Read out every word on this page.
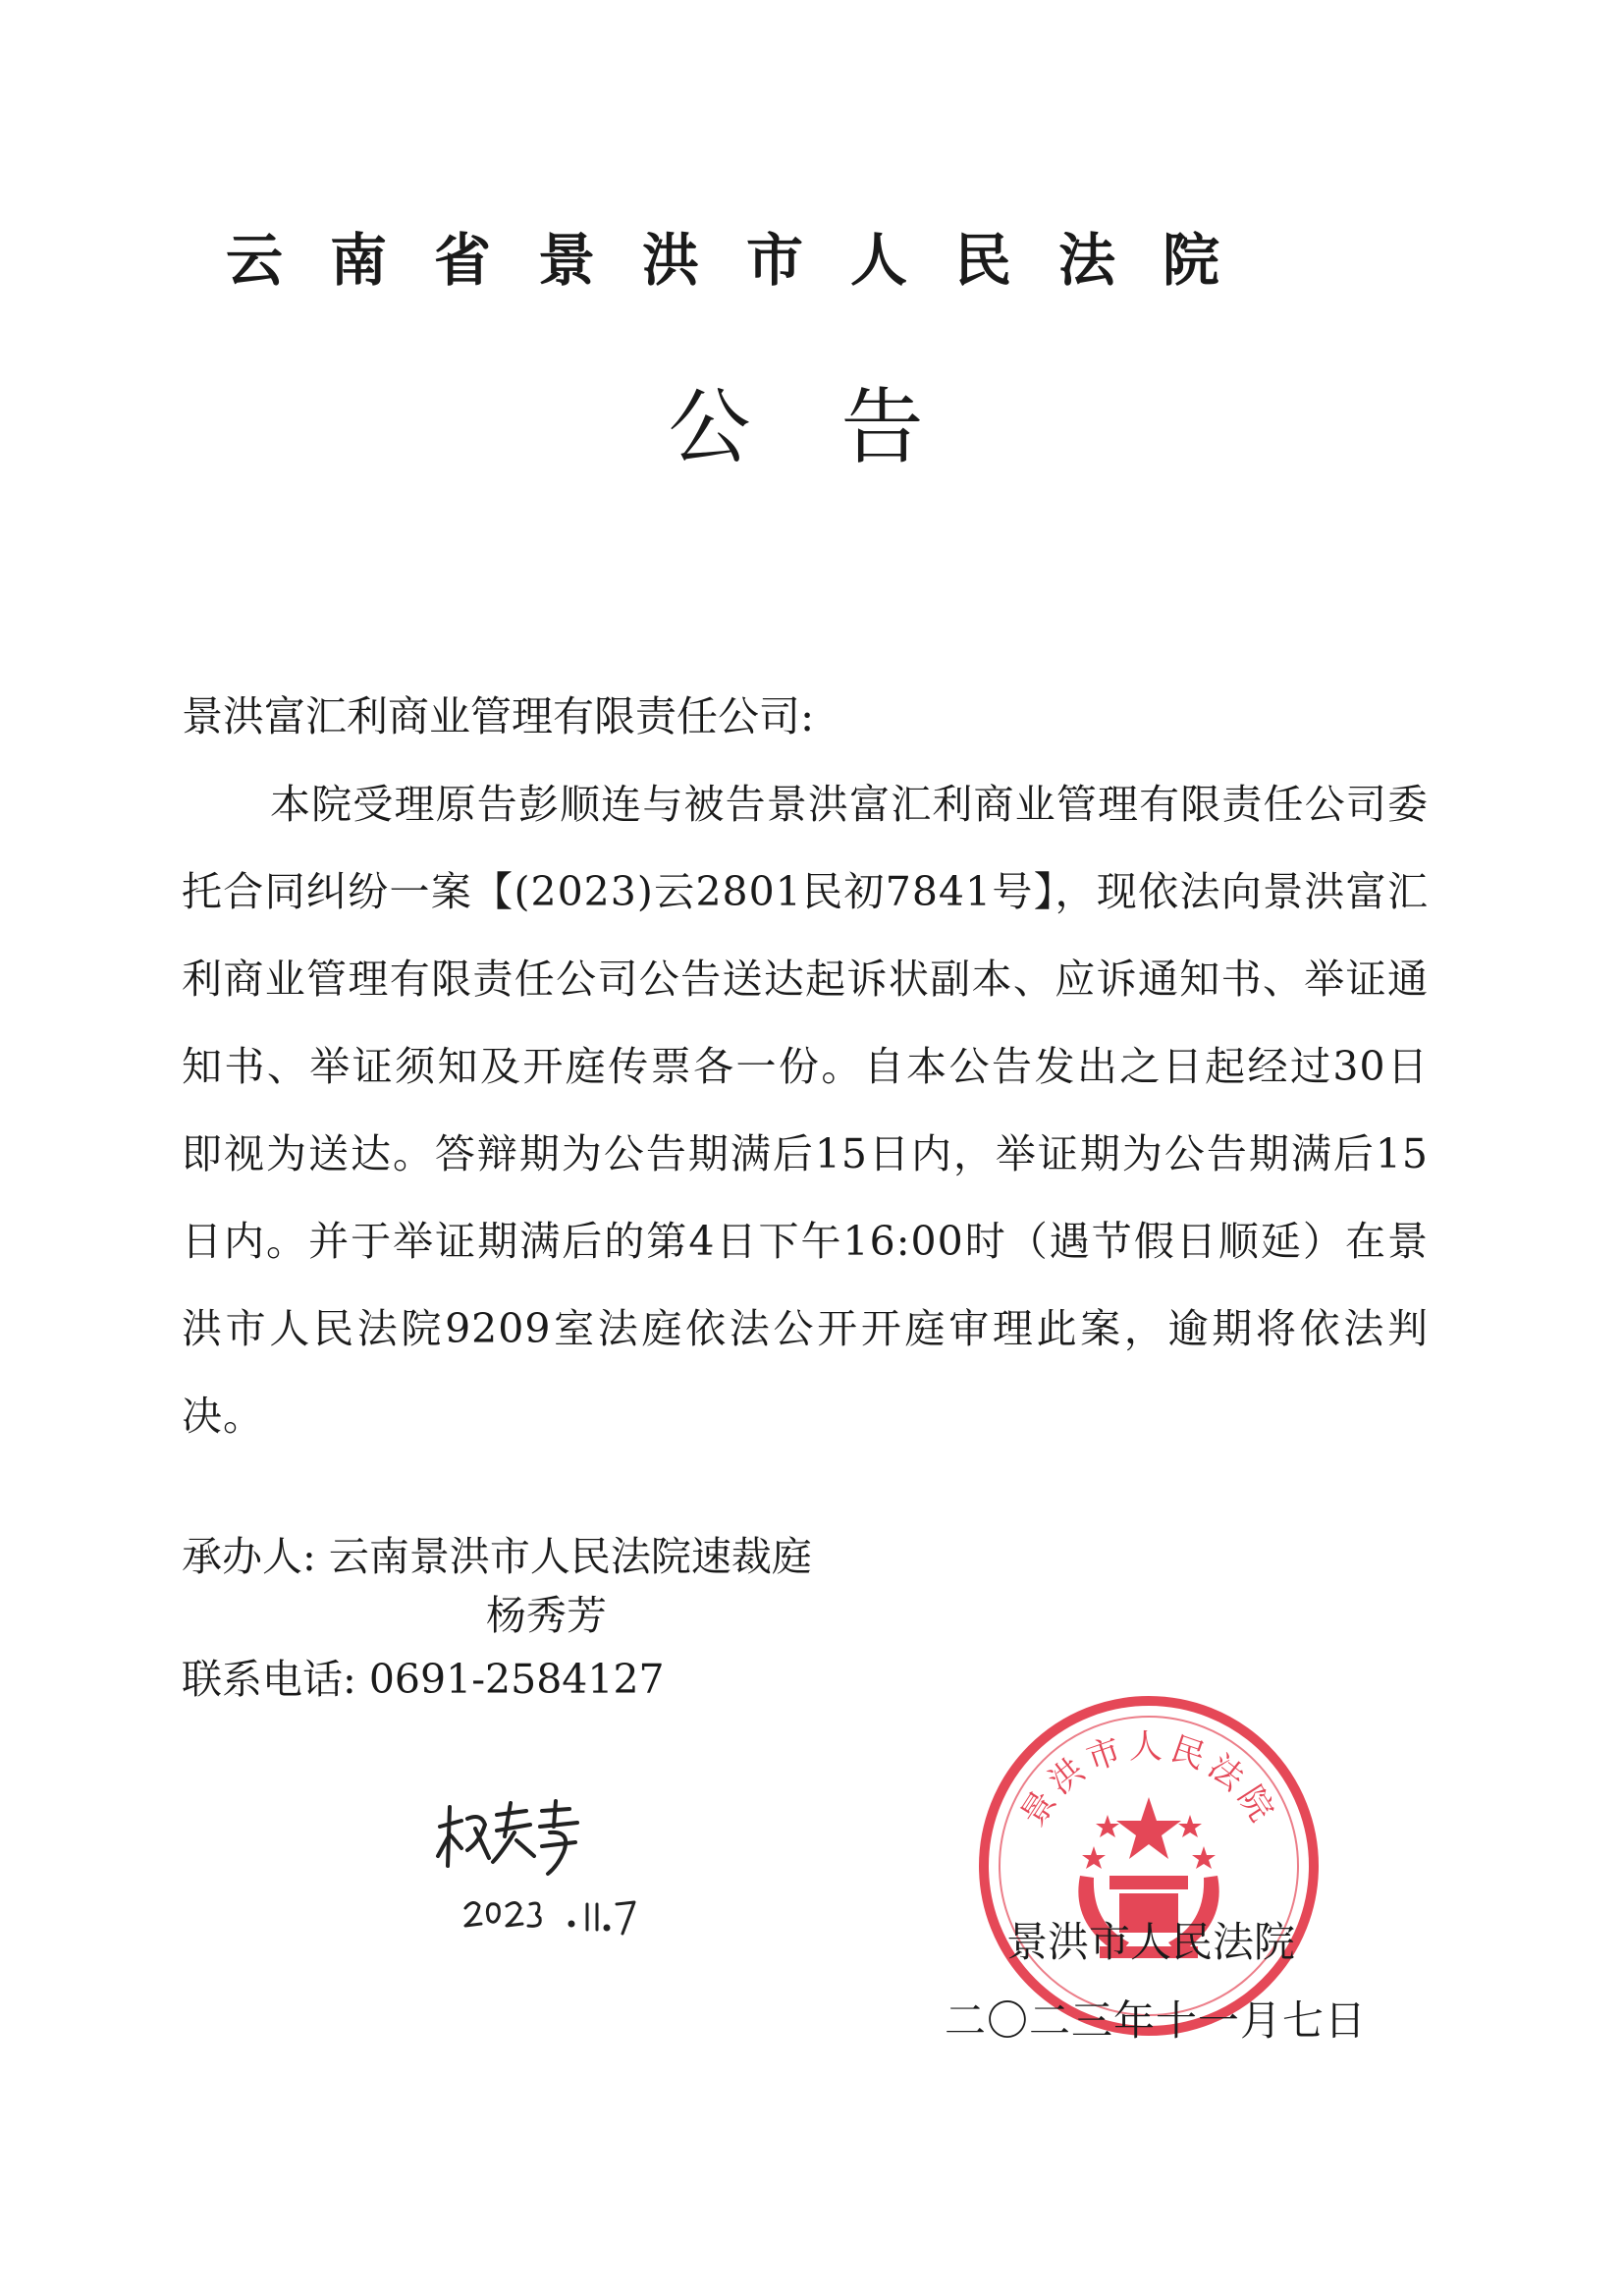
云南省景洪市人民法院
公告
景洪富汇利商业管理有限责任公司:
本院受理原告彭顺连与被告景洪富汇利商业管理有限责任公司委托合同纠纷一案【(2023)云2801民初7841号】，现依法向景洪富汇利商业管理有限责任公司公告送达起诉状副本、应诉通知书、举证通知书、举证须知及开庭传票各一份。自本公告发出之日起经过30日即视为送达。答辩期为公告期满后15日内，举证期为公告期满后15日内。并于举证期满后的第4日下午16:00时（遇节假日顺延）在景洪市人民法院9209室法庭依法公开开庭审理此案，逾期将依法判决。
承办人: 云南景洪市人民法院速裁庭
杨秀芳
联系电话: 0691-2584127
景洪市人民法院
景洪市人民法院
二〇二三年十一月七日
